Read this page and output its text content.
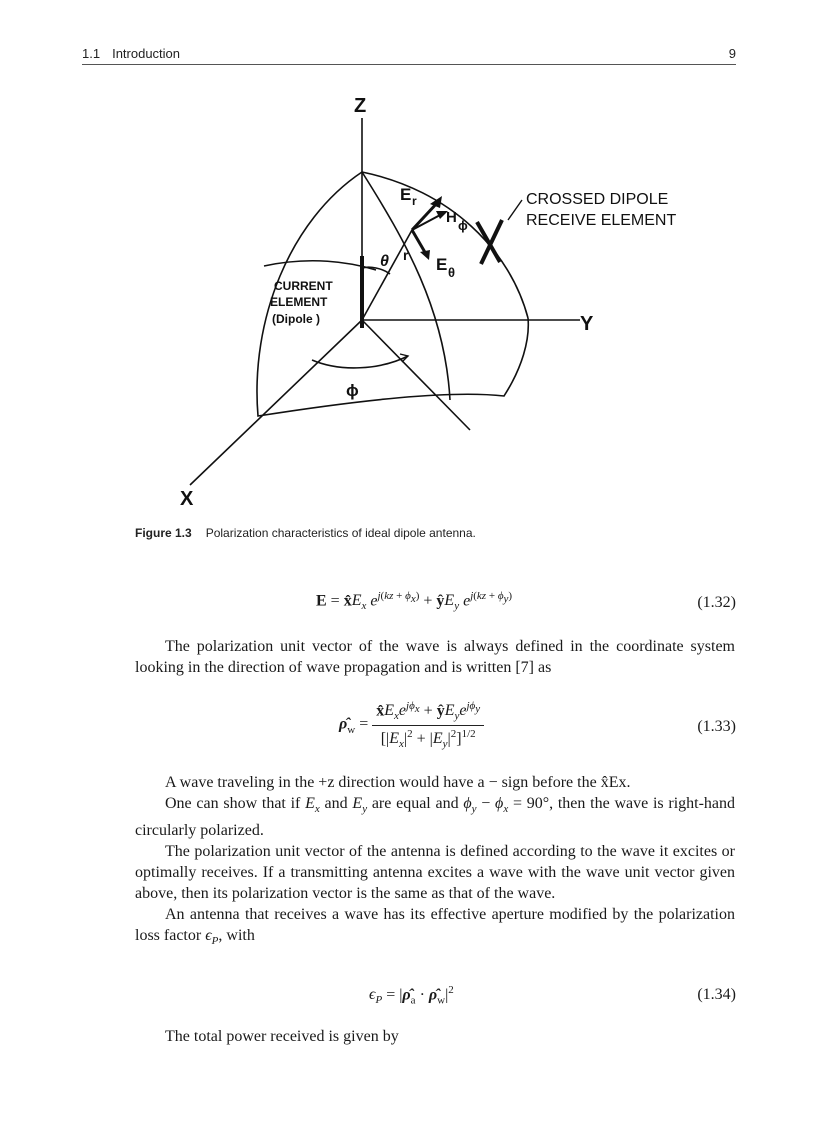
1.1 Introduction	9
Z
Y
X
E r
H ϕ
r E θ
θ
ϕ
CROSSED DIPOLE
RECEIVE ELEMENT
CURRENT
ELEMENT
(Dipole )
Figure 1.3 Polarization characteristics of ideal dipole antenna.
$E = x̂E_x$ $e^{j(kz + \phi_x)}$ + $ŷE_y$ $e^{j(kz + \phi_y)}$	(1.32)

The polarization unit vector of the wave is always defined in the coordinate system looking in the direction of wave propagation and is written [7] as

$\rhô_w = \frac{x̂E_xe^{j\phi_x} + ŷE_ye^{j\phi_y}}{[|E_x|^2 + |E_y|^2]^{1/2}}$	(1.33)

A wave traveling in the +z direction would have a − sign before the x̂Ex.

One can show that if $E_x$ and $E_y$ are equal and $\phi_y - \phi_x = 90^\circ$, then the wave is right-hand circularly polarized.

The polarization unit vector of the antenna is defined according to the wave it excites or optimally receives. If a transmitting antenna excites a wave with the wave unit vector given above, then its polarization vector is the same as that of the wave.

An antenna that receives a wave has its effective aperture modified by the polarization loss factor $\epsilon_P$, with

$\epsilon_P$ = $|\rhô_a$ · $\rhô_w|^2$	(1.34)

The total power received is given by
